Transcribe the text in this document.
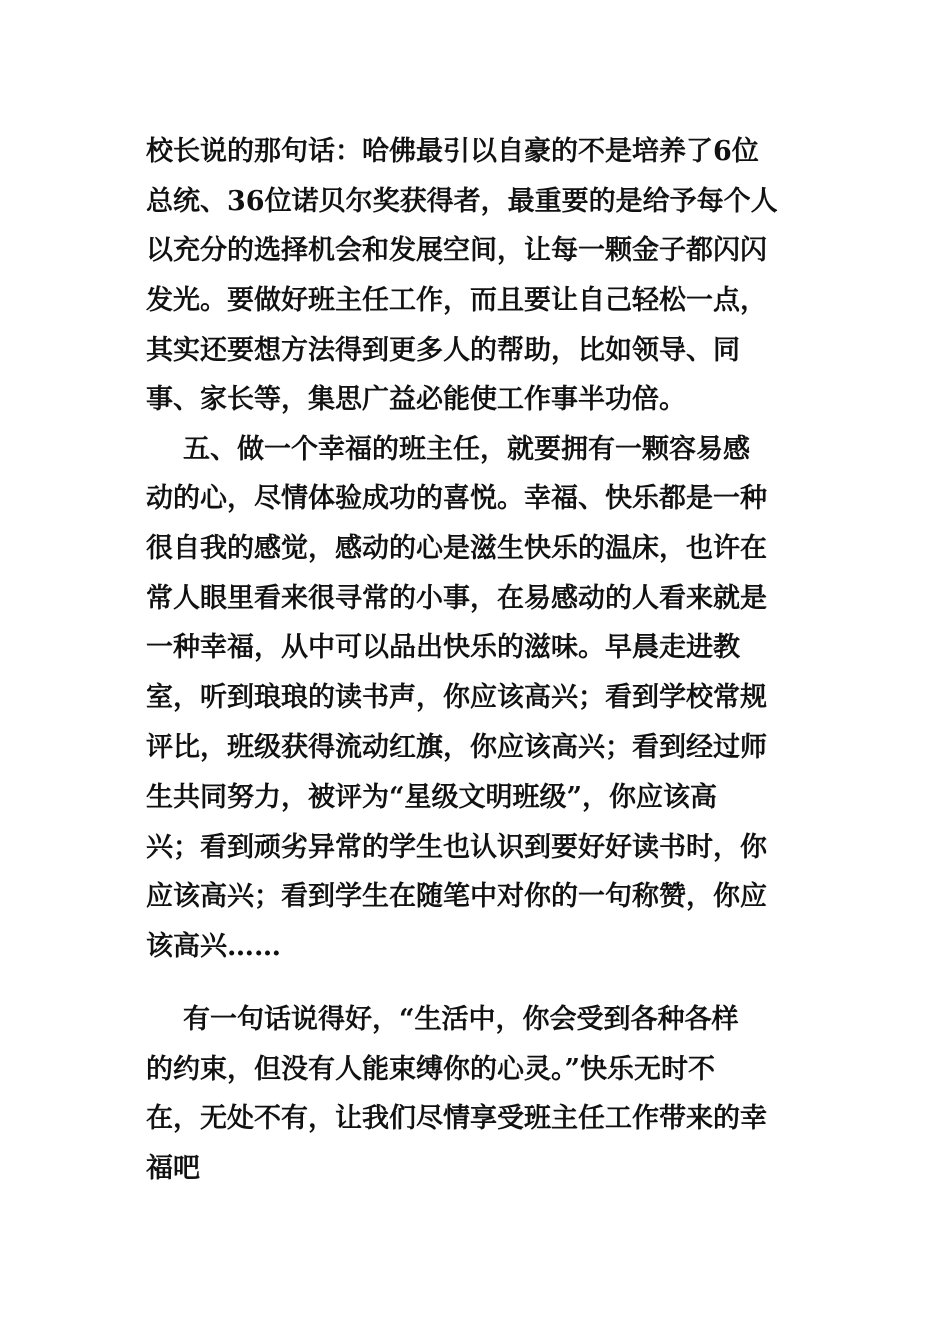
校长说的那句话：哈佛最引以自豪的不是培养了6位
总统、36位诺贝尔奖获得者，最重要的是给予每个人
以充分的选择机会和发展空间，让每一颗金子都闪闪
发光。要做好班主任工作，而且要让自己轻松一点，
其实还要想方法得到更多人的帮助，比如领导、同
事、家长等，集思广益必能使工作事半功倍。
五、做一个幸福的班主任，就要拥有一颗容易感
动的心，尽情体验成功的喜悦。幸福、快乐都是一种
很自我的感觉，感动的心是滋生快乐的温床，也许在
常人眼里看来很寻常的小事，在易感动的人看来就是
一种幸福，从中可以品出快乐的滋味。早晨走进教
室，听到琅琅的读书声，你应该高兴；看到学校常规
评比，班级获得流动红旗，你应该高兴；看到经过师
生共同努力，被评为“星级文明班级”，你应该高
兴；看到顽劣异常的学生也认识到要好好读书时，你
应该高兴；看到学生在随笔中对你的一句称赞，你应
该高兴……
有一句话说得好，“生活中，你会受到各种各样
的约束，但没有人能束缚你的心灵。”快乐无时不
在，无处不有，让我们尽情享受班主任工作带来的幸
福吧
